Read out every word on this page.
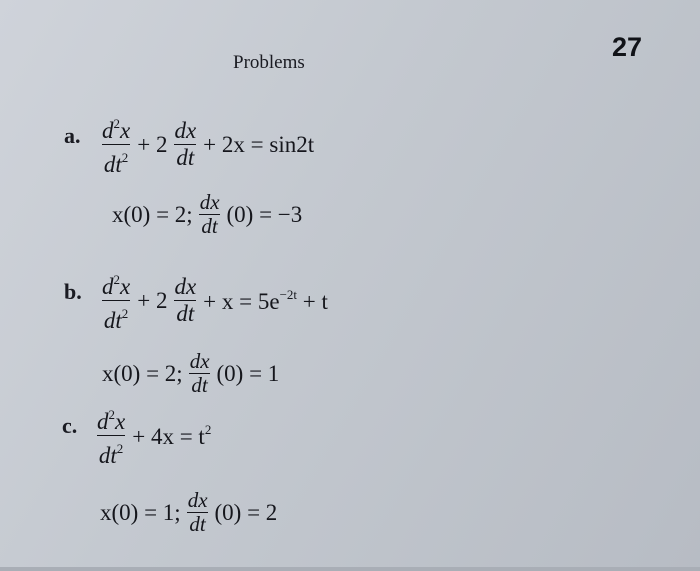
27
Problems
a. $\frac{d^2x}{dt^2} + 2 \frac{dx}{dt} + 2x = \sin 2t$
x(0) = 2; $\frac{dx}{dt} (0) = -3$
b. $\frac{d^2x}{dt^2} + 2 \frac{dx}{dt} + x = 5e^{-2t} + t$
x(0) = 2; $\frac{dx}{dt} (0) = 1$
c. $\frac{d^2x}{dt^2} + 4x = t^2$
x(0) = 1; $\frac{dx}{dt} (0) = 2$
